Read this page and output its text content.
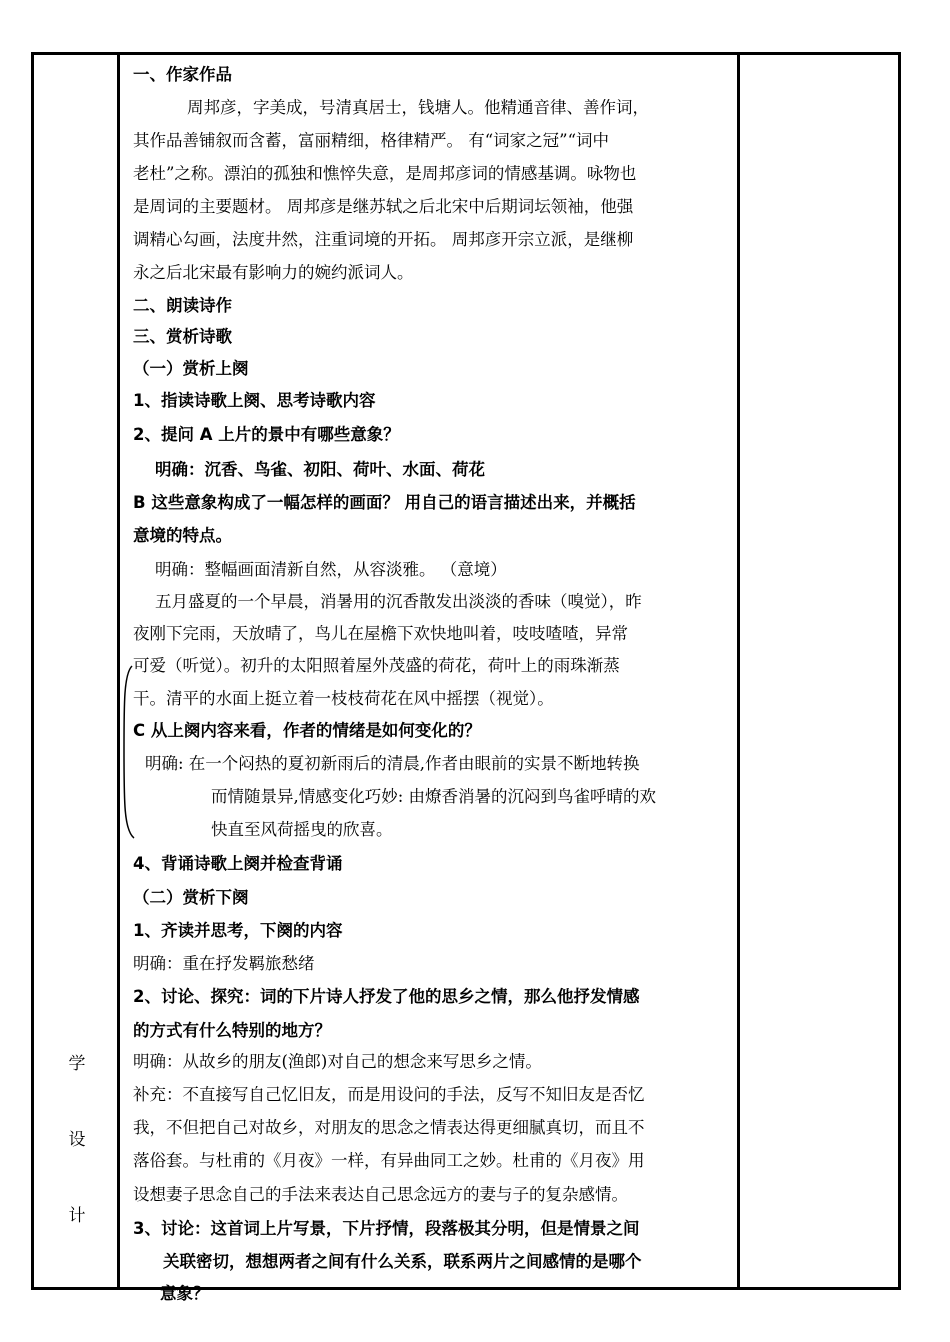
学
设
计
一、作家作品
周邦彦，字美成，号清真居士，钱塘人。他精通音律、善作词，
其作品善铺叙而含蓄，富丽精细，格律精严。 有“词家之冠”“词中
老杜”之称。漂泊的孤独和憔悴失意，是周邦彦词的情感基调。咏物也
是周词的主要题材。 周邦彦是继苏轼之后北宋中后期词坛领袖，他强
调精心勾画，法度井然，注重词境的开拓。 周邦彦开宗立派，是继柳
永之后北宋最有影响力的婉约派词人。
二、朗读诗作
三、赏析诗歌
（一）赏析上阕
1、指读诗歌上阕、思考诗歌内容
2、提问 A 上片的景中有哪些意象？
明确：沉香、鸟雀、初阳、荷叶、水面、荷花
B 这些意象构成了一幅怎样的画面？ 用自己的语言描述出来，并概括
意境的特点。
明确：整幅画面清新自然，从容淡雅。 （意境）
五月盛夏的一个早晨，消暑用的沉香散发出淡淡的香味（嗅觉），昨
夜刚下完雨，天放晴了，鸟儿在屋檐下欢快地叫着，吱吱喳喳，异常
可爱（听觉）。初升的太阳照着屋外茂盛的荷花，荷叶上的雨珠渐蒸
干。清平的水面上挺立着一枝枝荷花在风中摇摆（视觉）。
C 从上阕内容来看，作者的情绪是如何变化的？
明确: 在一个闷热的夏初新雨后的清晨,作者由眼前的实景不断地转换
而情随景异,情感变化巧妙: 由燎香消暑的沉闷到鸟雀呼晴的欢
快直至风荷摇曳的欣喜。
4、背诵诗歌上阕并检查背诵
（二）赏析下阕
1、齐读并思考，下阕的内容
明确：重在抒发羁旅愁绪
2、讨论、探究：词的下片诗人抒发了他的思乡之情，那么他抒发情感
的方式有什么特别的地方？
明确：从故乡的朋友(渔郎)对自己的想念来写思乡之情。
补充：不直接写自己忆旧友，而是用设问的手法，反写不知旧友是否忆
我，不但把自己对故乡，对朋友的思念之情表达得更细腻真切，而且不
落俗套。与杜甫的《月夜》一样，有异曲同工之妙。杜甫的《月夜》用
设想妻子思念自己的手法来表达自己思念远方的妻与子的复杂感情。
3、讨论：这首词上片写景，下片抒情，段落极其分明，但是情景之间
关联密切，想想两者之间有什么关系，联系两片之间感情的是哪个
意象？
